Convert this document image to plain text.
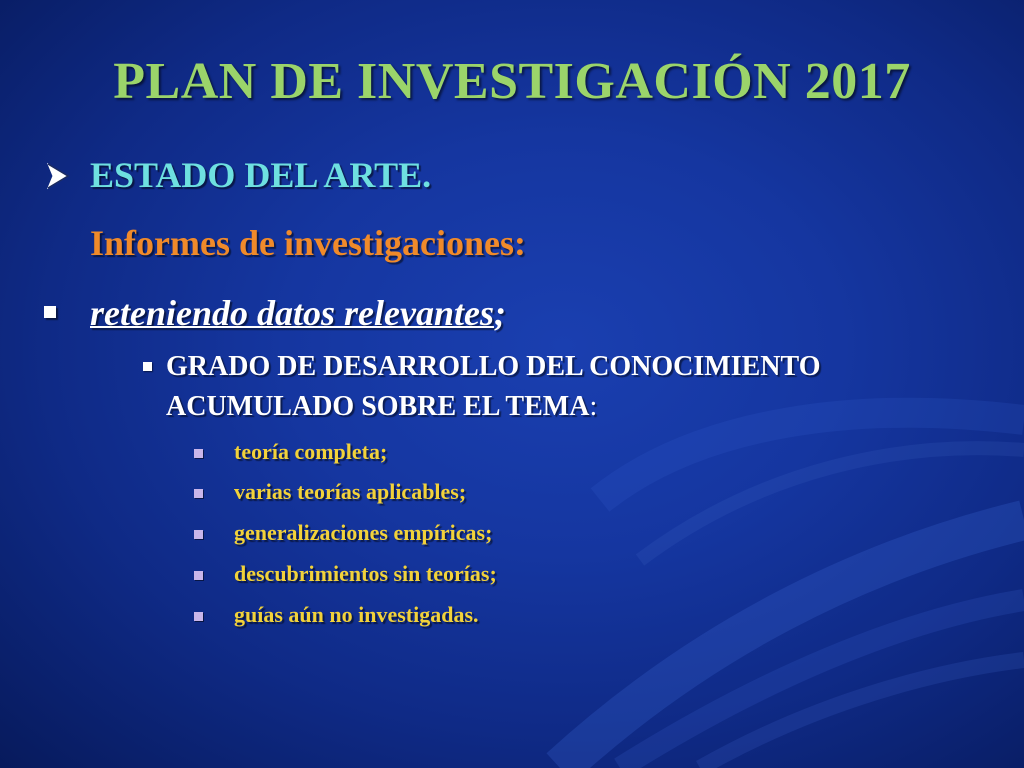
PLAN DE INVESTIGACIÓN 2017
ESTADO DEL ARTE.
Informes de investigaciones:
reteniendo datos relevantes;
GRADO DE DESARROLLO DEL CONOCIMIENTO
ACUMULADO SOBRE EL TEMA:
teoría completa;
varias teorías aplicables;
generalizaciones empíricas;
descubrimientos sin teorías;
guías aún no investigadas.
